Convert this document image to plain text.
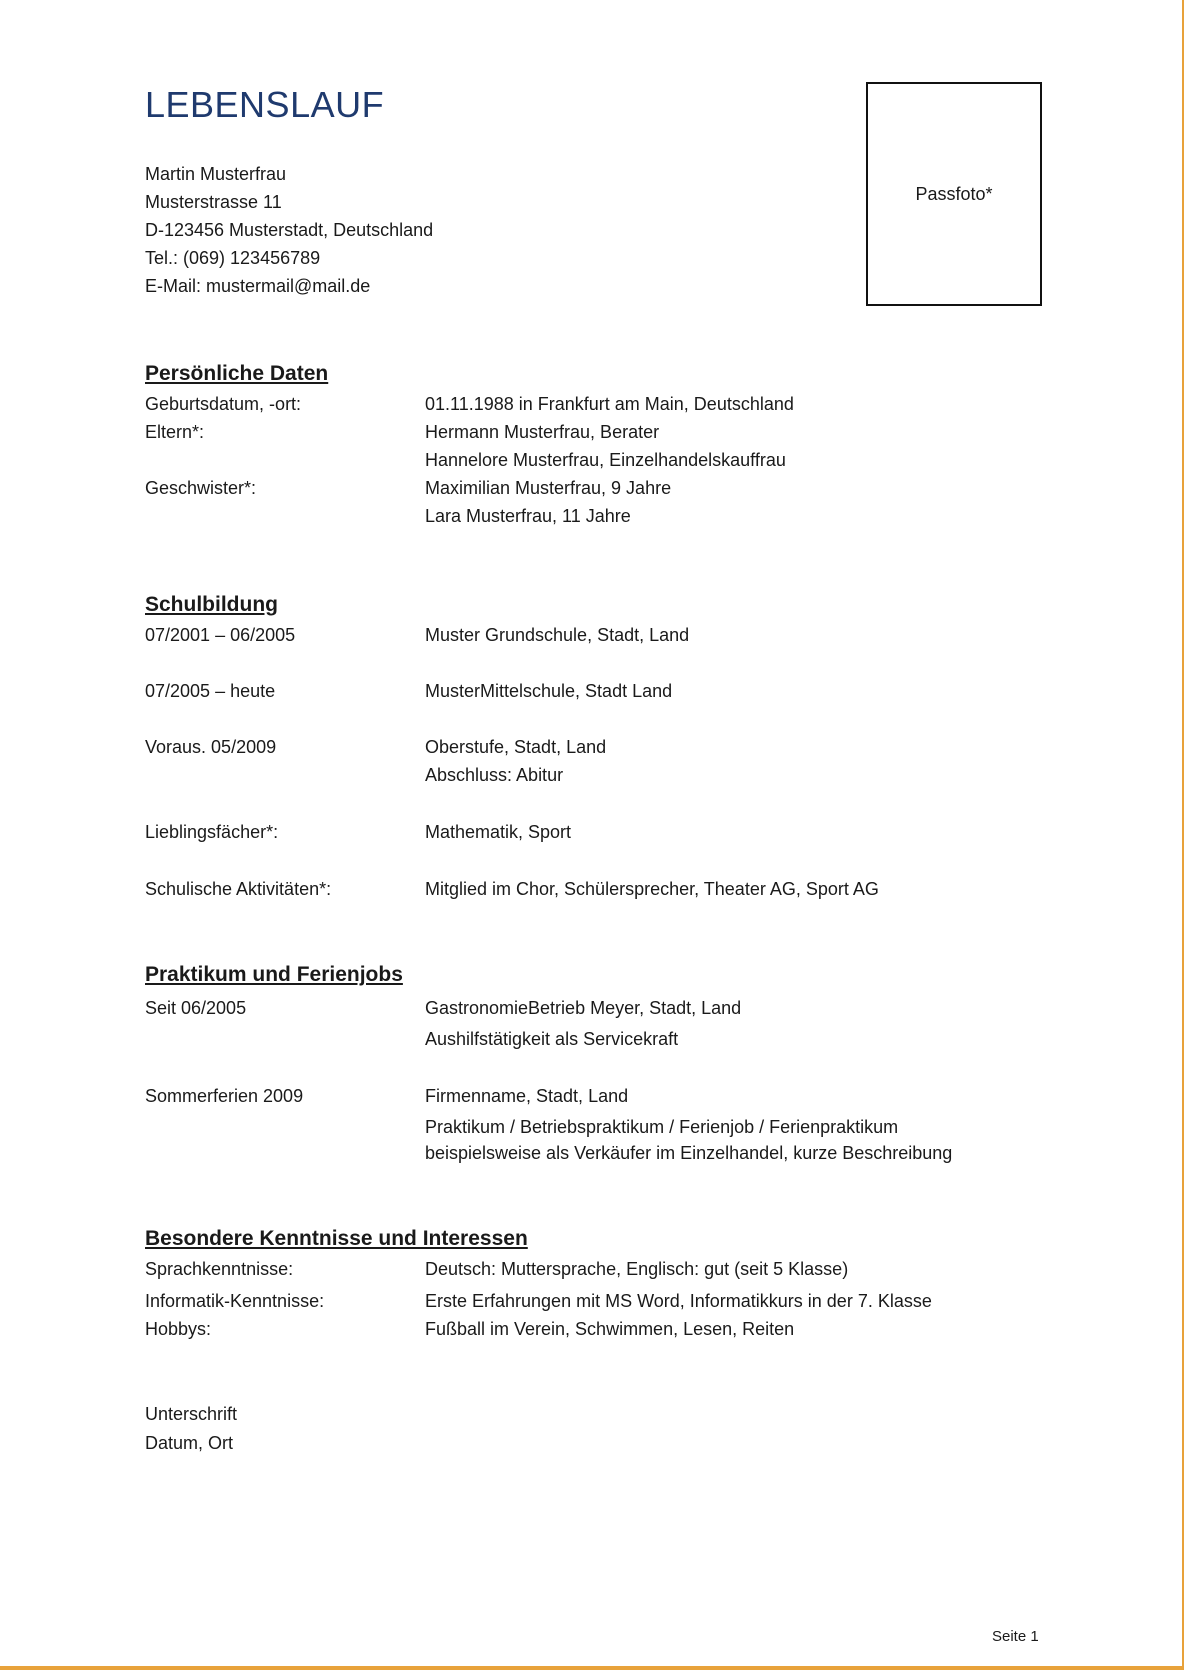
LEBENSLAUF
Martin Musterfrau
Musterstrasse 11
D-123456 Musterstadt, Deutschland
Tel.: (069) 123456789
E-Mail: mustermail@mail.de
Passfoto*
Persönliche Daten
Geburtsdatum, -ort:	01.11.1988 in Frankfurt am Main, Deutschland
Eltern*:	Hermann Musterfrau, Berater
Hannelore Musterfrau, Einzelhandelskauffrau
Geschwister*:	Maximilian Musterfrau, 9 Jahre
Lara Musterfrau, 11 Jahre
Schulbildung
07/2001 – 06/2005	Muster Grundschule, Stadt, Land
07/2005 – heute	MusterMittelschule, Stadt Land
Voraus. 05/2009	Oberstufe, Stadt, Land
Abschluss: Abitur
Lieblingsfächer*:	Mathematik, Sport
Schulische Aktivitäten*:	Mitglied im Chor, Schülersprecher, Theater AG, Sport AG
Praktikum und Ferienjobs
Seit 06/2005	GastronomieBetrieb Meyer, Stadt, Land
Aushilfstätigkeit als Servicekraft
Sommerferien 2009	Firmenname, Stadt, Land
Praktikum / Betriebspraktikum / Ferienjob / Ferienpraktikum
beispielsweise als Verkäufer im Einzelhandel, kurze Beschreibung
Besondere Kenntnisse und Interessen
Sprachkenntnisse:	Deutsch: Muttersprache, Englisch: gut (seit 5 Klasse)
Informatik-Kenntnisse:	Erste Erfahrungen mit MS Word, Informatikkurs in der 7. Klasse
Hobbys:	Fußball im Verein, Schwimmen, Lesen, Reiten
Unterschrift
Datum, Ort
Seite 1
